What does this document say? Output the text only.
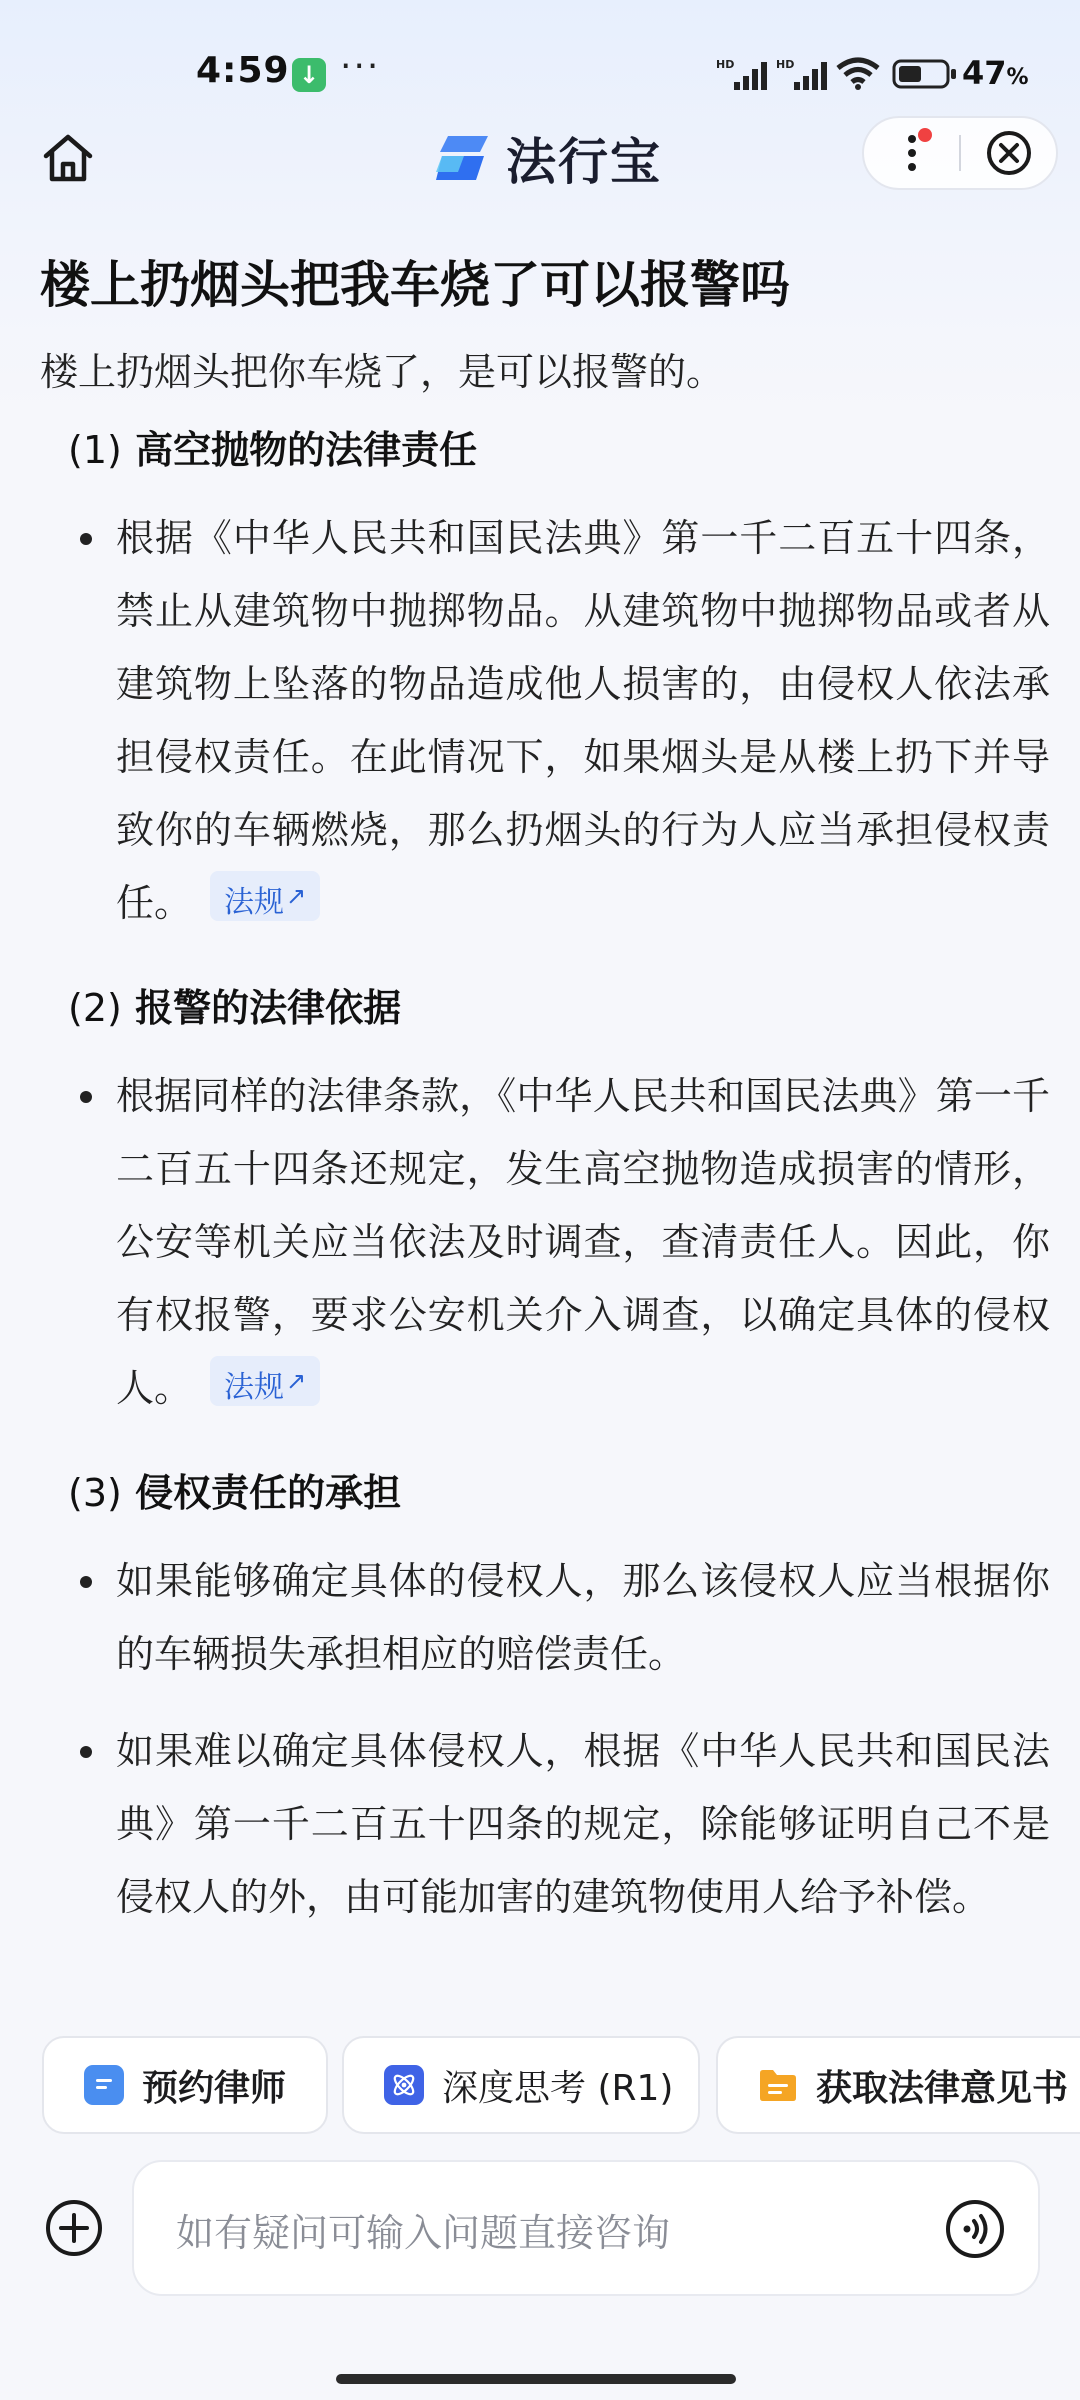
4:59 ↓ ···	HD	HD	47%
法行宝
楼上扔烟头把我车烧了可以报警吗
楼上扔烟头把你车烧了，是可以报警的。
(1) 高空抛物的法律责任
根据《中华人民共和国民法典》第一千二百五十四条，禁止从建筑物中抛掷物品。从建筑物中抛掷物品或者从建筑物上坠落的物品造成他人损害的，由侵权人依法承担侵权责任。在此情况下，如果烟头是从楼上扔下并导致你的车辆燃烧，那么扔烟头的行为人应当承担侵权责任。 法规↗
(2) 报警的法律依据
根据同样的法律条款，《中华人民共和国民法典》第一千二百五十四条还规定，发生高空抛物造成损害的情形，公安等机关应当依法及时调查，查清责任人。因此，你有权报警，要求公安机关介入调查，以确定具体的侵权人。 法规↗
(3) 侵权责任的承担
如果能够确定具体的侵权人，那么该侵权人应当根据你的车辆损失承担相应的赔偿责任。
如果难以确定具体侵权人，根据《中华人民共和国民法典》第一千二百五十四条的规定，除能够证明自己不是侵权人的外，由可能加害的建筑物使用人给予补偿。
预约律师	深度思考 (R1)	获取法律意见书
如有疑问可输入问题直接咨询
